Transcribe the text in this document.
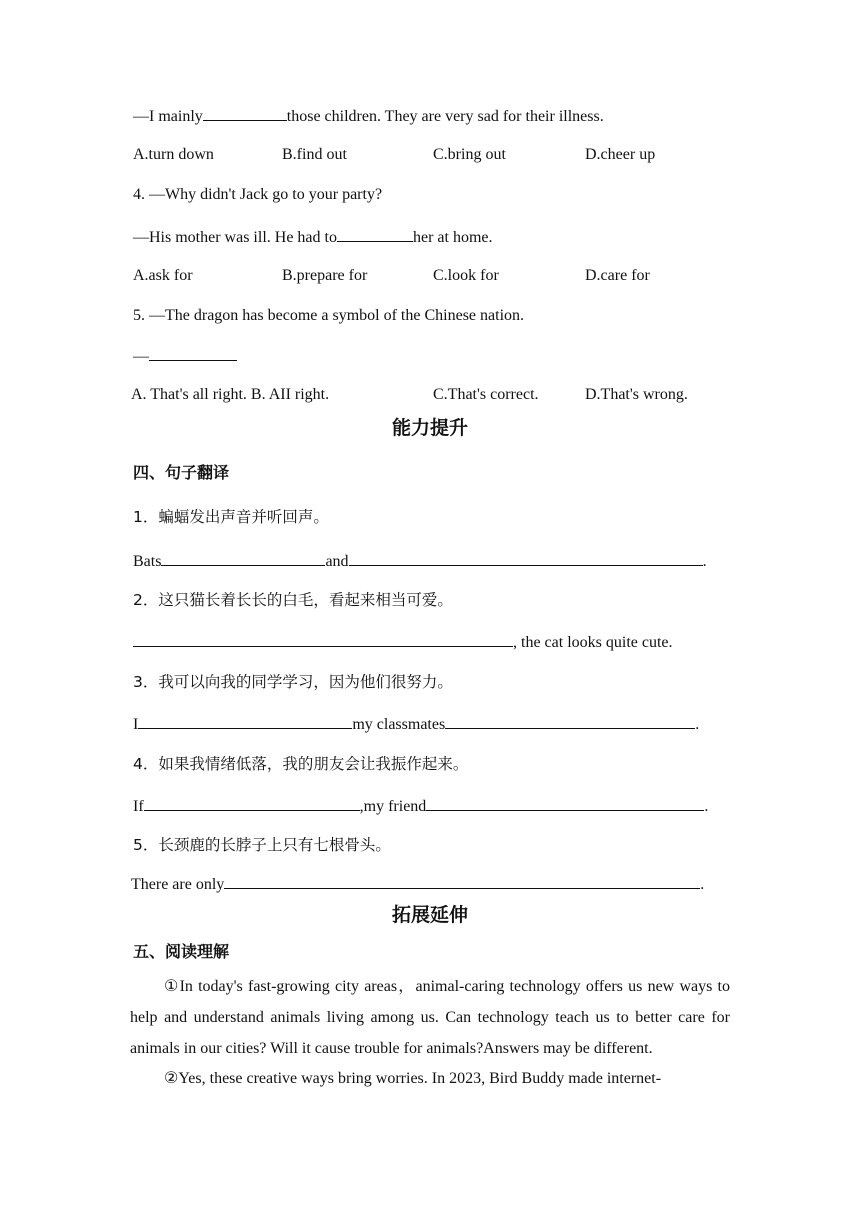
—I mainly	those children. They are very sad for their illness.
A.turn down	B.find out	C.bring out	D.cheer up
4. —Why didn't Jack go to your party?
—His mother was ill. He had to	her at home.
A.ask for	B.prepare for	C.look for	D.care for
5. —The dragon has become a symbol of the Chinese nation.
—
A. That's all right. B. AII right.	C.That's correct.	D.That's wrong.
能力提升
四、句子翻译
1．蝙蝠发出声音并听回声。
Bats	and	.
2．这只猫长着长长的白毛，看起来相当可爱。
, the cat looks quite cute.
3．我可以向我的同学学习，因为他们很努力。
I	my classmates	.
4．如果我情绪低落，我的朋友会让我振作起来。
If	,my friend	.
5．长颈鹿的长脖子上只有七根骨头。
There are only	.
拓展延伸
五、阅读理解
①In today's fast-growing city areas，animal-caring technology offers us new ways to help and understand animals living among us. Can technology teach us to better care for animals in our cities? Will it cause trouble for animals?Answers may be different.
②Yes, these creative ways bring worries. In 2023, Bird Buddy made internet-
